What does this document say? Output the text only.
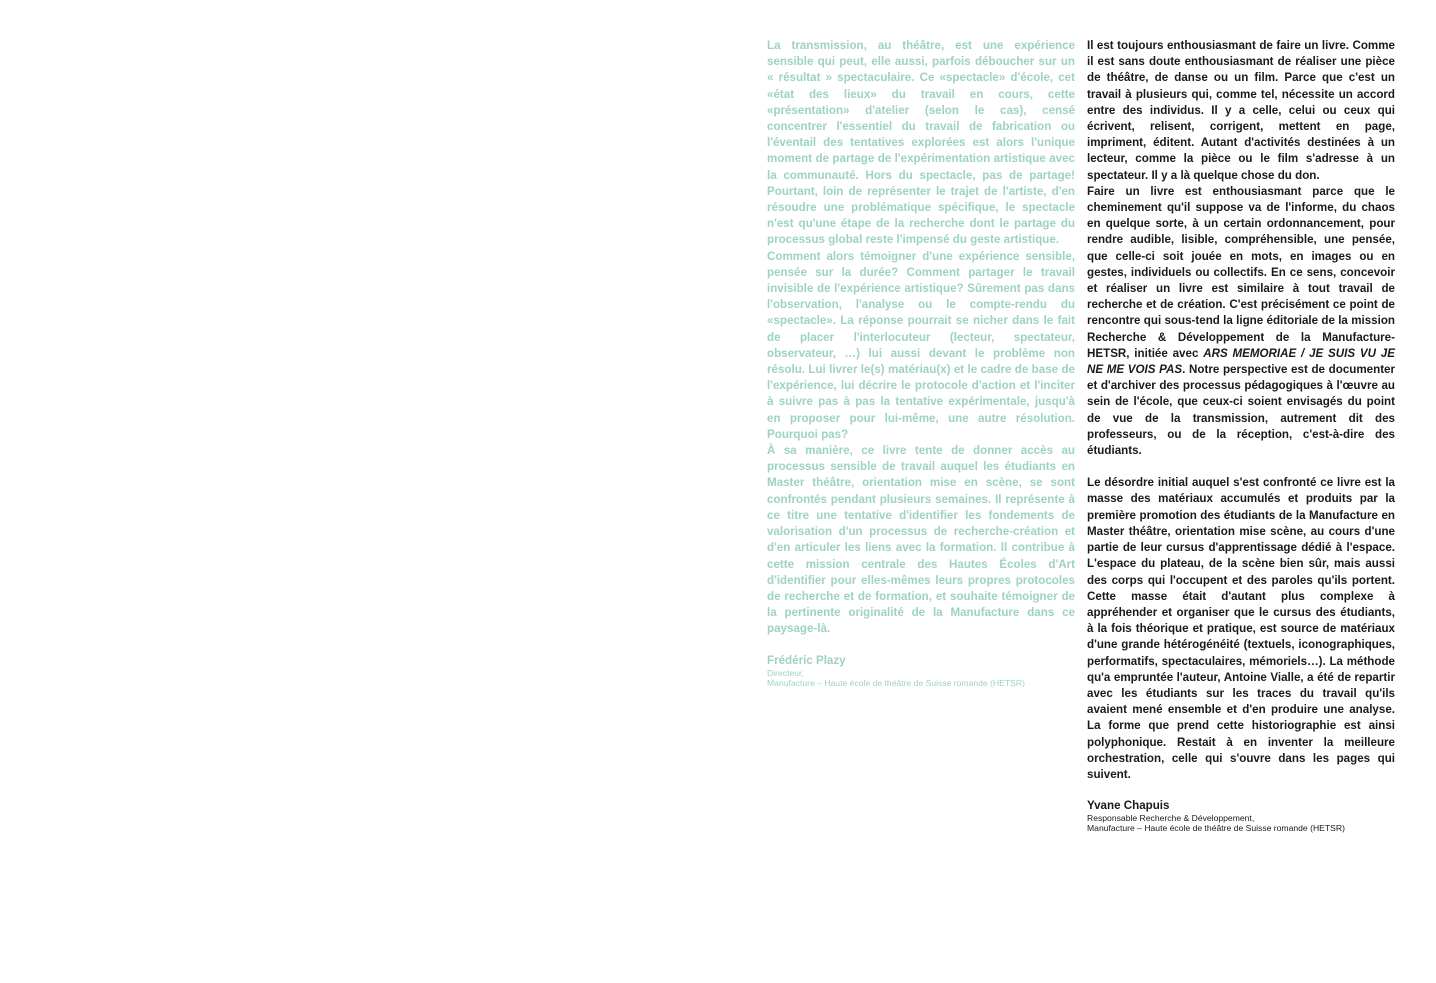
La transmission, au théâtre, est une expérience sensible qui peut, elle aussi, parfois déboucher sur un « résultat » spectaculaire. Ce «spectacle» d'école, cet «état des lieux» du travail en cours, cette «présentation» d'atelier (selon le cas), censé concentrer l'essentiel du travail de fabrication ou l'éventail des tentatives explorées est alors l'unique moment de partage de l'expérimentation artistique avec la communauté. Hors du spectacle, pas de partage! Pourtant, loin de représenter le trajet de l'artiste, d'en résoudre une problématique spécifique, le spectacle n'est qu'une étape de la recherche dont le partage du processus global reste l'impensé du geste artistique.

Comment alors témoigner d'une expérience sensible, pensée sur la durée? Comment partager le travail invisible de l'expérience artistique? Sûrement pas dans l'observation, l'analyse ou le compte-rendu du «spectacle». La réponse pourrait se nicher dans le fait de placer l'interlocuteur (lecteur, spectateur, observateur, …) lui aussi devant le problème non résolu. Lui livrer le(s) matériau(x) et le cadre de base de l'expérience, lui décrire le protocole d'action et l'inciter à suivre pas à pas la tentative expérimentale, jusqu'à en proposer pour lui-même, une autre résolution. Pourquoi pas?

À sa manière, ce livre tente de donner accès au processus sensible de travail auquel les étudiants en Master théâtre, orientation mise en scène, se sont confrontés pendant plusieurs semaines. Il représente à ce titre une tentative d'identifier les fondements de valorisation d'un processus de recherche-création et d'en articuler les liens avec la formation. Il contribue à cette mission centrale des Hautes Écoles d'Art d'identifier pour elles-mêmes leurs propres protocoles de recherche et de formation, et souhaite témoigner de la pertinente originalité de la Manufacture dans ce paysage-là.

Frédéric Plazy
Directeur,
Manufacture – Haute école de théâtre de Suisse romande (HETSR)

Il est toujours enthousiasmant de faire un livre. Comme il est sans doute enthousiasmant de réaliser une pièce de théâtre, de danse ou un film. Parce que c'est un travail à plusieurs qui, comme tel, nécessite un accord entre des individus. Il y a celle, celui ou ceux qui écrivent, relisent, corrigent, mettent en page, impriment, éditent. Autant d'activités destinées à un lecteur, comme la pièce ou le film s'adresse à un spectateur. Il y a là quelque chose du don.

Faire un livre est enthousiasmant parce que le cheminement qu'il suppose va de l'informe, du chaos en quelque sorte, à un certain ordonnancement, pour rendre audible, lisible, compréhensible, une pensée, que celle-ci soit jouée en mots, en images ou en gestes, individuels ou collectifs. En ce sens, concevoir et réaliser un livre est similaire à tout travail de recherche et de création. C'est précisément ce point de rencontre qui sous-tend la ligne éditoriale de la mission Recherche & Développement de la Manufacture-HETSR, initiée avec ARS MEMORIAE / JE SUIS VU JE NE ME VOIS PAS. Notre perspective est de documenter et d'archiver des processus pédagogiques à l'œuvre au sein de l'école, que ceux-ci soient envisagés du point de vue de la transmission, autrement dit des professeurs, ou de la réception, c'est-à-dire des étudiants.

Le désordre initial auquel s'est confronté ce livre est la masse des matériaux accumulés et produits par la première promotion des étudiants de la Manufacture en Master théâtre, orientation mise scène, au cours d'une partie de leur cursus d'apprentissage dédié à l'espace. L'espace du plateau, de la scène bien sûr, mais aussi des corps qui l'occupent et des paroles qu'ils portent. Cette masse était d'autant plus complexe à appréhender et organiser que le cursus des étudiants, à la fois théorique et pratique, est source de matériaux d'une grande hétérogénéité (textuels, iconographiques, performatifs, spectaculaires, mémoriels…). La méthode qu'a empruntée l'auteur, Antoine Vialle, a été de repartir avec les étudiants sur les traces du travail qu'ils avaient mené ensemble et d'en produire une analyse. La forme que prend cette historiographie est ainsi polyphonique. Restait à en inventer la meilleure orchestration, celle qui s'ouvre dans les pages qui suivent.

Yvane Chapuis
Responsable Recherche & Développement,
Manufacture – Haute école de théâtre de Suisse romande (HETSR)
